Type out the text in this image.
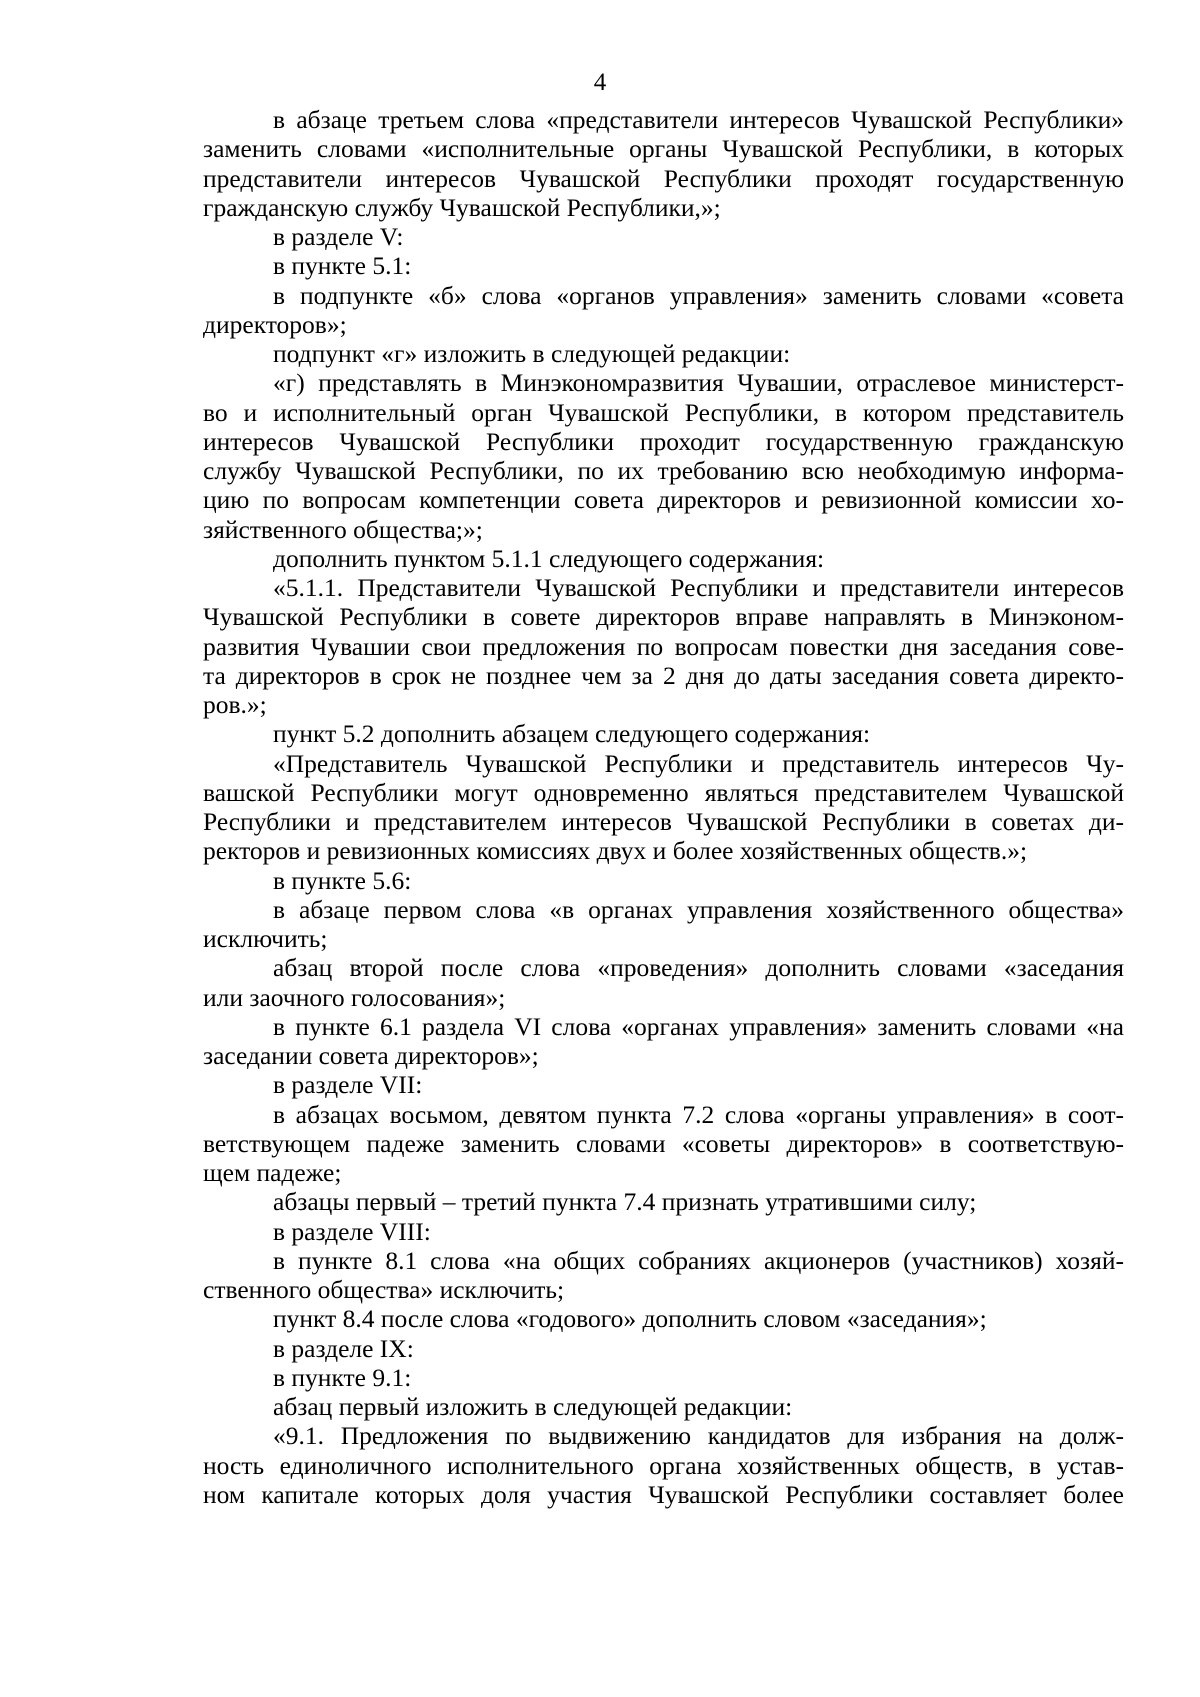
4
в абзаце третьем слова «представители интересов Чувашской Республики»
заменить словами «исполнительные органы Чувашской Республики, в которых
представители интересов Чувашской Республики проходят государственную
гражданскую службу Чувашской Республики,»;
в разделе V:
в пункте 5.1:
в подпункте «б» слова «органов управления» заменить словами «совета
директоров»;
подпункт «г» изложить в следующей редакции:
«г) представлять в Минэкономразвития Чувашии, отраслевое министерст-
во и исполнительный орган Чувашской Республики, в котором представитель
интересов Чувашской Республики проходит государственную гражданскую
службу Чувашской Республики, по их требованию всю необходимую информа-
цию по вопросам компетенции совета директоров и ревизионной комиссии хо-
зяйственного общества;»;
дополнить пунктом 5.1.1 следующего содержания:
«5.1.1. Представители Чувашской Республики и представители интересов
Чувашской Республики в совете директоров вправе направлять в Минэконом-
развития Чувашии свои предложения по вопросам повестки дня заседания сове-
та директоров в срок не позднее чем за 2 дня до даты заседания совета директо-
ров.»;
пункт 5.2 дополнить абзацем следующего содержания:
«Представитель Чувашской Республики и представитель интересов Чу-
вашской Республики могут одновременно являться представителем Чувашской
Республики и представителем интересов Чувашской Республики в советах ди-
ректоров и ревизионных комиссиях двух и более хозяйственных обществ.»;
в пункте 5.6:
в абзаце первом слова «в органах управления хозяйственного общества»
исключить;
абзац второй после слова «проведения» дополнить словами «заседания
или заочного голосования»;
в пункте 6.1 раздела VI слова «органах управления» заменить словами «на
заседании совета директоров»;
в разделе VII:
в абзацах восьмом, девятом пункта 7.2 слова «органы управления» в соот-
ветствующем падеже заменить словами «советы директоров» в соответствую-
щем падеже;
абзацы первый – третий пункта 7.4 признать утратившими силу;
в разделе VIII:
в пункте 8.1 слова «на общих собраниях акционеров (участников) хозяй-
ственного общества» исключить;
пункт 8.4 после слова «годового» дополнить словом «заседания»;
в разделе IX:
в пункте 9.1:
абзац первый изложить в следующей редакции:
«9.1. Предложения по выдвижению кандидатов для избрания на долж-
ность единоличного исполнительного органа хозяйственных обществ, в устав-
ном капитале которых доля участия Чувашской Республики составляет более
